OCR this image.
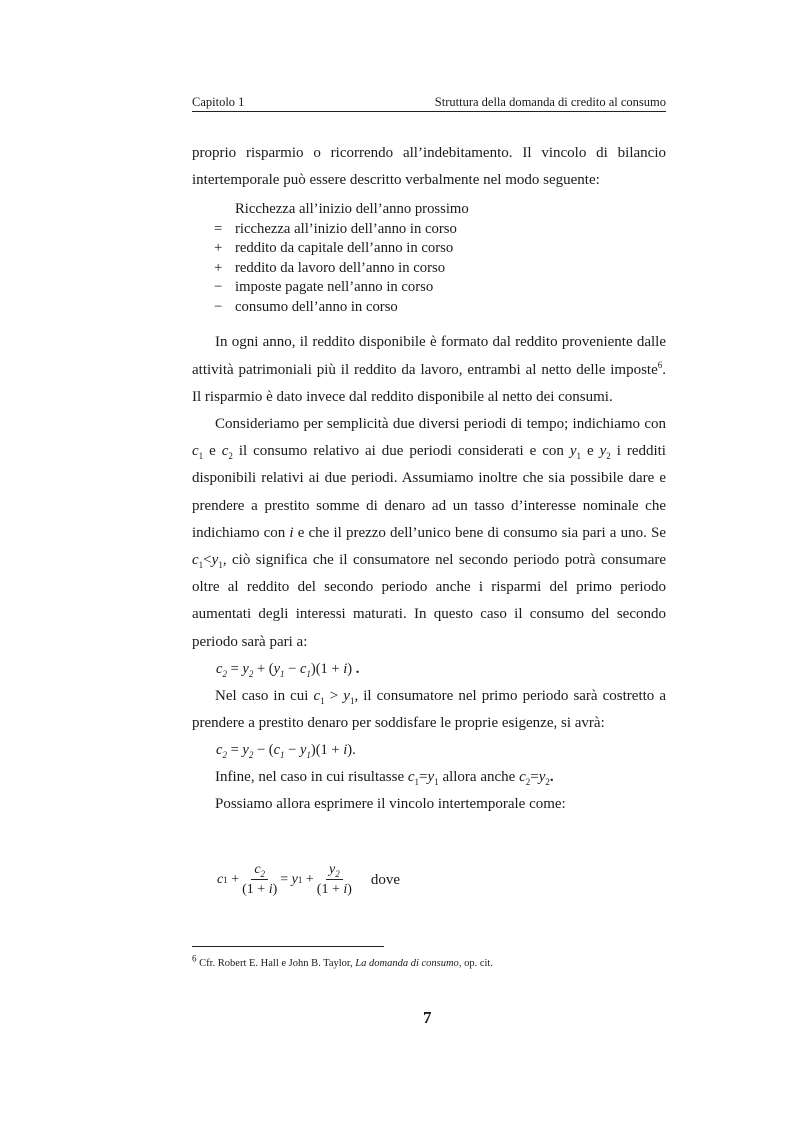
Capitolo 1	Struttura della domanda di credito al consumo

proprio risparmio o ricorrendo all’indebitamento. Il vincolo di bilancio intertemporale può essere descritto verbalmente nel modo seguente:

Ricchezza all’inizio dell’anno prossimo
= ricchezza all’inizio dell’anno in corso
+ reddito da capitale dell’anno in corso
+ reddito da lavoro dell’anno in corso
− imposte pagate nell’anno in corso
− consumo dell’anno in corso

In ogni anno, il reddito disponibile è formato dal reddito proveniente dalle attività patrimoniali più il reddito da lavoro, entrambi al netto delle imposte$^6$. Il risparmio è dato invece dal reddito disponibile al netto dei consumi.

Consideriamo per semplicità due diversi periodi di tempo; indichiamo con $c_1$ e $c_2$ il consumo relativo ai due periodi considerati e con $y_1$ e $y_2$ i redditi disponibili relativi ai due periodi. Assumiamo inoltre che sia possibile dare e prendere a prestito somme di denaro ad un tasso d’interesse nominale che indichiamo con i e che il prezzo dell’unico bene di consumo sia pari a uno. Se $c_1<y_1$, ciò significa che il consumatore nel secondo periodo potrà consumare oltre al reddito del secondo periodo anche i risparmi del primo periodo aumentati degli interessi maturati. In questo caso il consumo del secondo periodo sarà pari a:

$c_2 = y_2 + (y_1 - c_1)(1 + i)$ .

Nel caso in cui $c_1 > y_1$, il consumatore nel primo periodo sarà costretto a prendere a prestito denaro per soddisfare le proprie esigenze, si avrà:

$c_2 = y_2 - (c_1 - y_1)(1 + i)$.

Infine, nel caso in cui risultasse $c_1=y_1$ allora anche $c_2=y_2$.

Possiamo allora esprimere il vincolo intertemporale come:

c $1 + \frac{c_2}{(1 + i)} = y$ $1 + \frac{y_2}{(1 + i)}$ dove
$^6$ Cfr. Robert E. Hall e John B. Taylor, La domanda di consumo, op. cit.
7
